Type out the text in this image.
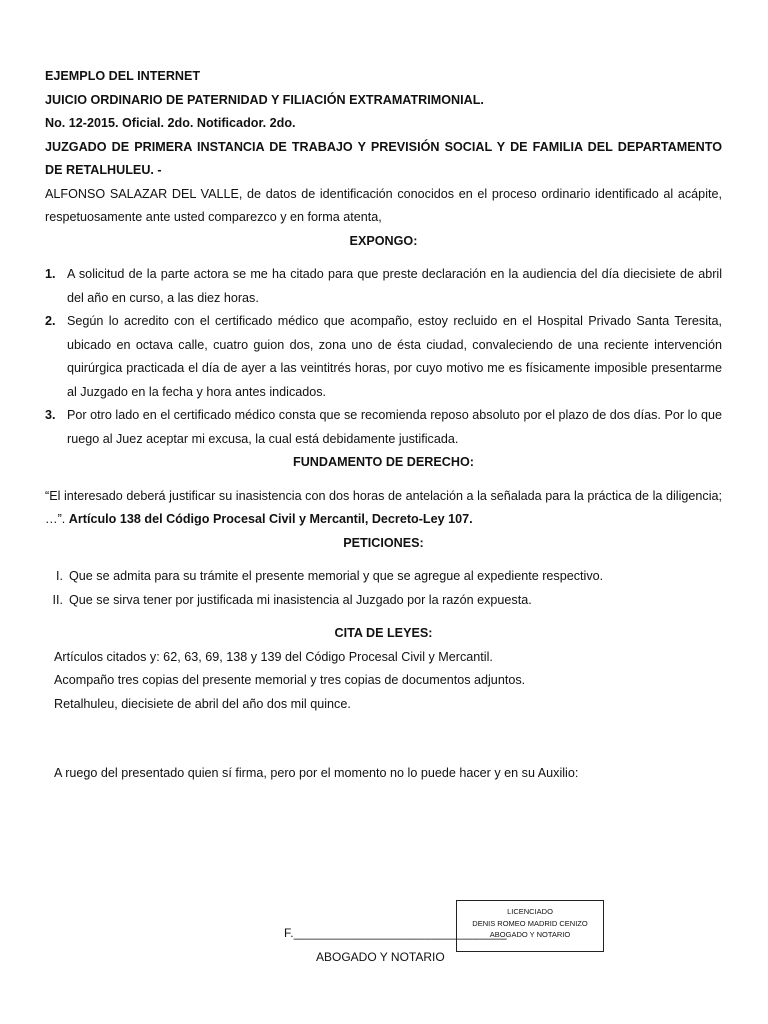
EJEMPLO DEL INTERNET

JUICIO ORDINARIO DE PATERNIDAD Y FILIACIÓN EXTRAMATRIMONIAL.

No. 12-2015. Oficial. 2do. Notificador. 2do.

JUZGADO DE PRIMERA INSTANCIA DE TRABAJO Y PREVISIÓN SOCIAL Y DE FAMILIA DEL DEPARTAMENTO

DE RETALHULEU. -

ALFONSO SALAZAR DEL VALLE, de datos de identificación conocidos en el proceso ordinario identificado al acápite,

respetuosamente ante usted comparezco y en forma atenta,

EXPONGO:

1. A solicitud de la parte actora se me ha citado para que preste declaración en la audiencia del día diecisiete de abril

del año en curso, a las diez horas.

2. Según lo acredito con el certificado médico que acompaño, estoy recluido en el Hospital Privado Santa Teresita,

ubicado en octava calle, cuatro guion dos, zona uno de ésta ciudad, convaleciendo de una reciente intervención

quirúrgica practicada el día de ayer a las veintitrés horas, por cuyo motivo me es físicamente imposible presentarme

al Juzgado en la fecha y hora antes indicados.

3. Por otro lado en el certificado médico consta que se recomienda reposo absoluto por el plazo de dos días. Por lo que

ruego al Juez aceptar mi excusa, la cual está debidamente justificada.

FUNDAMENTO DE DERECHO:

“El interesado deberá justificar su inasistencia con dos horas de antelación a la señalada para la práctica de la diligencia;

…”. Artículo 138 del Código Procesal Civil y Mercantil, Decreto-Ley 107.

PETICIONES:

I. Que se admita para su trámite el presente memorial y que se agregue al expediente respectivo.
II. Que se sirva tener por justificada mi inasistencia al Juzgado por la razón expuesta.

CITA DE LEYES:

Artículos citados y: 62, 63, 69, 138 y 139 del Código Procesal Civil y Mercantil.

Acompaño tres copias del presente memorial y tres copias de documentos adjuntos.

Retalhuleu, diecisiete de abril del año dos mil quince.

A ruego del presentado quien sí firma, pero por el momento no lo puede hacer y en su Auxilio:

F._______________________________
ABOGADO Y NOTARIO
LICENCIADO
DENIS ROMEO MADRID CENIZO
ABOGADO Y NOTARIO
